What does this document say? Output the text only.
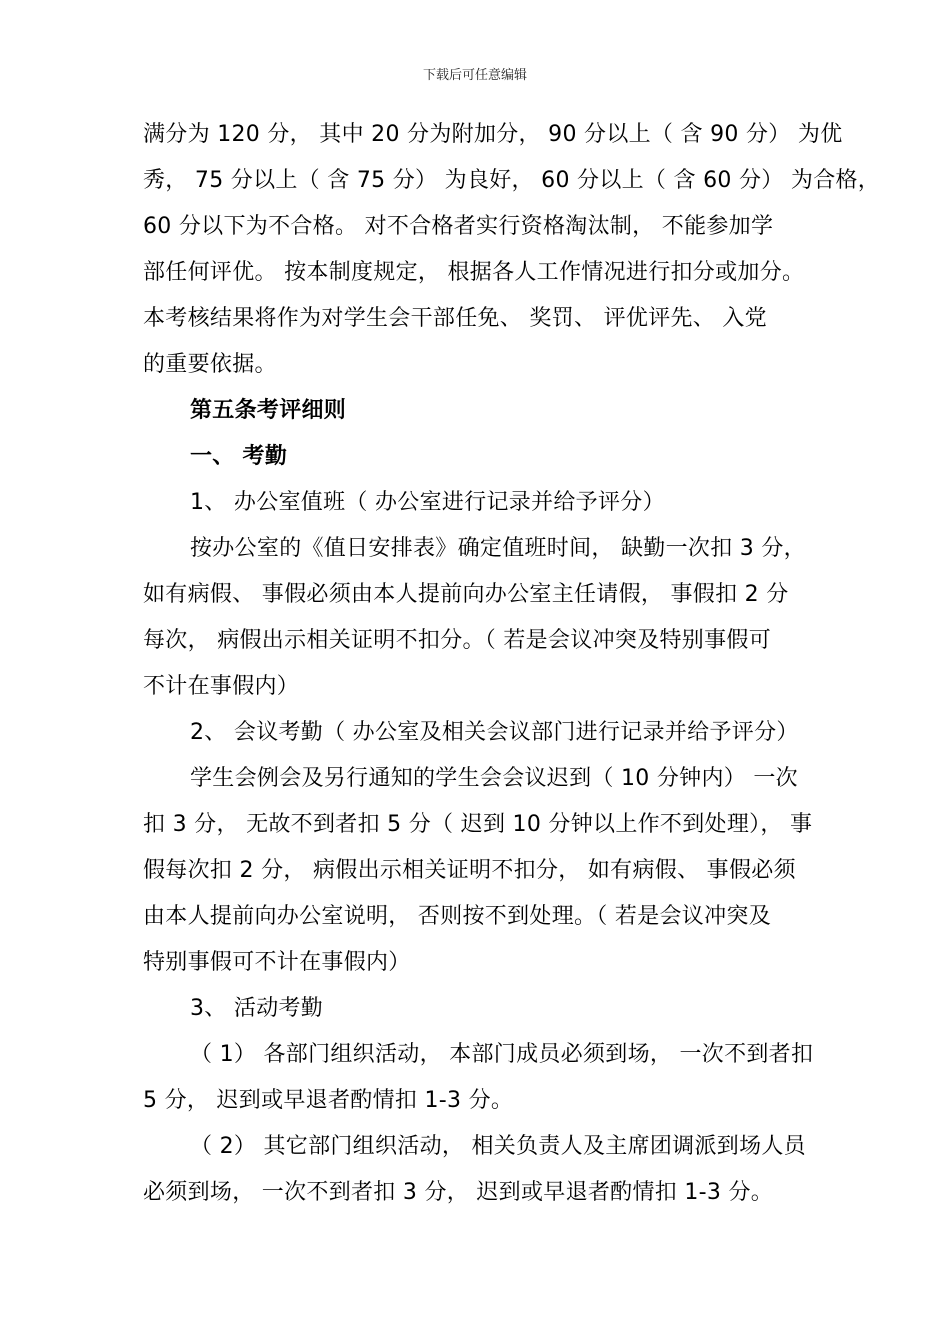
下载后可任意编辑
满分为 120 分， 其中 20 分为附加分， 90 分以上（ 含 90 分） 为优
秀， 75 分以上（ 含 75 分） 为良好， 60 分以上（ 含 60 分） 为合格，
60 分以下为不合格。 对不合格者实行资格淘汰制， 不能参加学
部任何评优。 按本制度规定， 根据各人工作情况进行扣分或加分。
本考核结果将作为对学生会干部任免、 奖罚、 评优评先、 入党
的重要依据。
第五条考评细则
一、 考勤
1、 办公室值班（ 办公室进行记录并给予评分）
按办公室的《值日安排表》确定值班时间， 缺勤一次扣 3 分，
如有病假、 事假必须由本人提前向办公室主任请假， 事假扣 2 分
每次， 病假出示相关证明不扣分。（ 若是会议冲突及特别事假可
不计在事假内）
2、 会议考勤（ 办公室及相关会议部门进行记录并给予评分）
学生会例会及另行通知的学生会会议迟到（ 10 分钟内） 一次
扣 3 分， 无故不到者扣 5 分（ 迟到 10 分钟以上作不到处理）， 事
假每次扣 2 分， 病假出示相关证明不扣分， 如有病假、 事假必须
由本人提前向办公室说明， 否则按不到处理。（ 若是会议冲突及
特别事假可不计在事假内）
3、 活动考勤
（ 1） 各部门组织活动， 本部门成员必须到场， 一次不到者扣
5 分， 迟到或早退者酌情扣 1-3 分。
（ 2） 其它部门组织活动， 相关负责人及主席团调派到场人员
必须到场， 一次不到者扣 3 分， 迟到或早退者酌情扣 1-3 分。
